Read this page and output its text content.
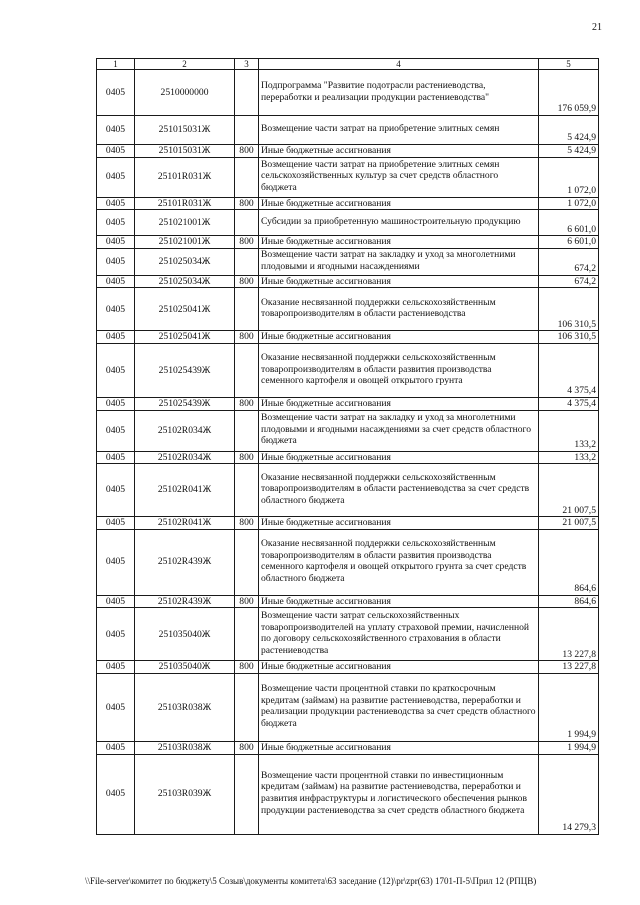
21
1	2	3	4	5
0405	2510000000		Подпрограмма "Развитие подотрасли растениеводства, переработки и реализации продукции растениеводства"	176 059,9
0405	251015031Ж		Возмещение части затрат на приобретение элитных семян	5 424,9
0405	251015031Ж	800	Иные бюджетные ассигнования	5 424,9
0405	25101R031Ж		Возмещение части затрат на приобретение элитных семян сельскохозяйственных культур за счет средств областного бюджета	1 072,0
0405	25101R031Ж	800	Иные бюджетные ассигнования	1 072,0
0405	251021001Ж		Субсидии за приобретенную машиностроительную продукцию	6 601,0
0405	251021001Ж	800	Иные бюджетные ассигнования	6 601,0
0405	251025034Ж		Возмещение части затрат на закладку и уход за многолетними плодовыми и ягодными насаждениями	674,2
0405	251025034Ж	800	Иные бюджетные ассигнования	674,2
0405	251025041Ж		Оказание несвязанной поддержки сельскохозяйственным товаропроизводителям в области растениеводства	106 310,5
0405	251025041Ж	800	Иные бюджетные ассигнования	106 310,5
0405	251025439Ж		Оказание несвязанной поддержки сельскохозяйственным товаропроизводителям в области развития производства семенного картофеля и овощей открытого грунта	4 375,4
0405	251025439Ж	800	Иные бюджетные ассигнования	4 375,4
0405	25102R034Ж		Возмещение части затрат на закладку и уход за многолетними плодовыми и ягодными насаждениями за счет средств областного бюджета	133,2
0405	25102R034Ж	800	Иные бюджетные ассигнования	133,2
0405	25102R041Ж		Оказание несвязанной поддержки сельскохозяйственным товаропроизводителям в области растениеводства за счет средств областного бюджета	21 007,5
0405	25102R041Ж	800	Иные бюджетные ассигнования	21 007,5
0405	25102R439Ж		Оказание несвязанной поддержки сельскохозяйственным товаропроизводителям в области развития производства семенного картофеля и овощей открытого грунта за счет средств областного бюджета	864,6
0405	25102R439Ж	800	Иные бюджетные ассигнования	864,6
0405	251035040Ж		Возмещение части затрат сельскохозяйственных товаропроизводителей на уплату страховой премии, начисленной по договору сельскохозяйственного страхования в области растениеводства	13 227,8
0405	251035040Ж	800	Иные бюджетные ассигнования	13 227,8
0405	25103R038Ж		Возмещение части процентной ставки по краткосрочным кредитам (займам) на развитие растениеводства, переработки и реализации продукции растениеводства за счет средств областного бюджета	1 994,9
0405	25103R038Ж	800	Иные бюджетные ассигнования	1 994,9
0405	25103R039Ж		Возмещение части процентной ставки по инвестиционным кредитам (займам) на развитие растениеводства, переработки и развития инфраструктуры и логистического обеспечения рынков продукции растениеводства за счет средств областного бюджета	14 279,3
\\File-server\комитет по бюджету\5 Созыв\документы комитета\63 заседание (12)\pr\zpr(63) 1701-П-5\Прил 12 (РПЦВ)
